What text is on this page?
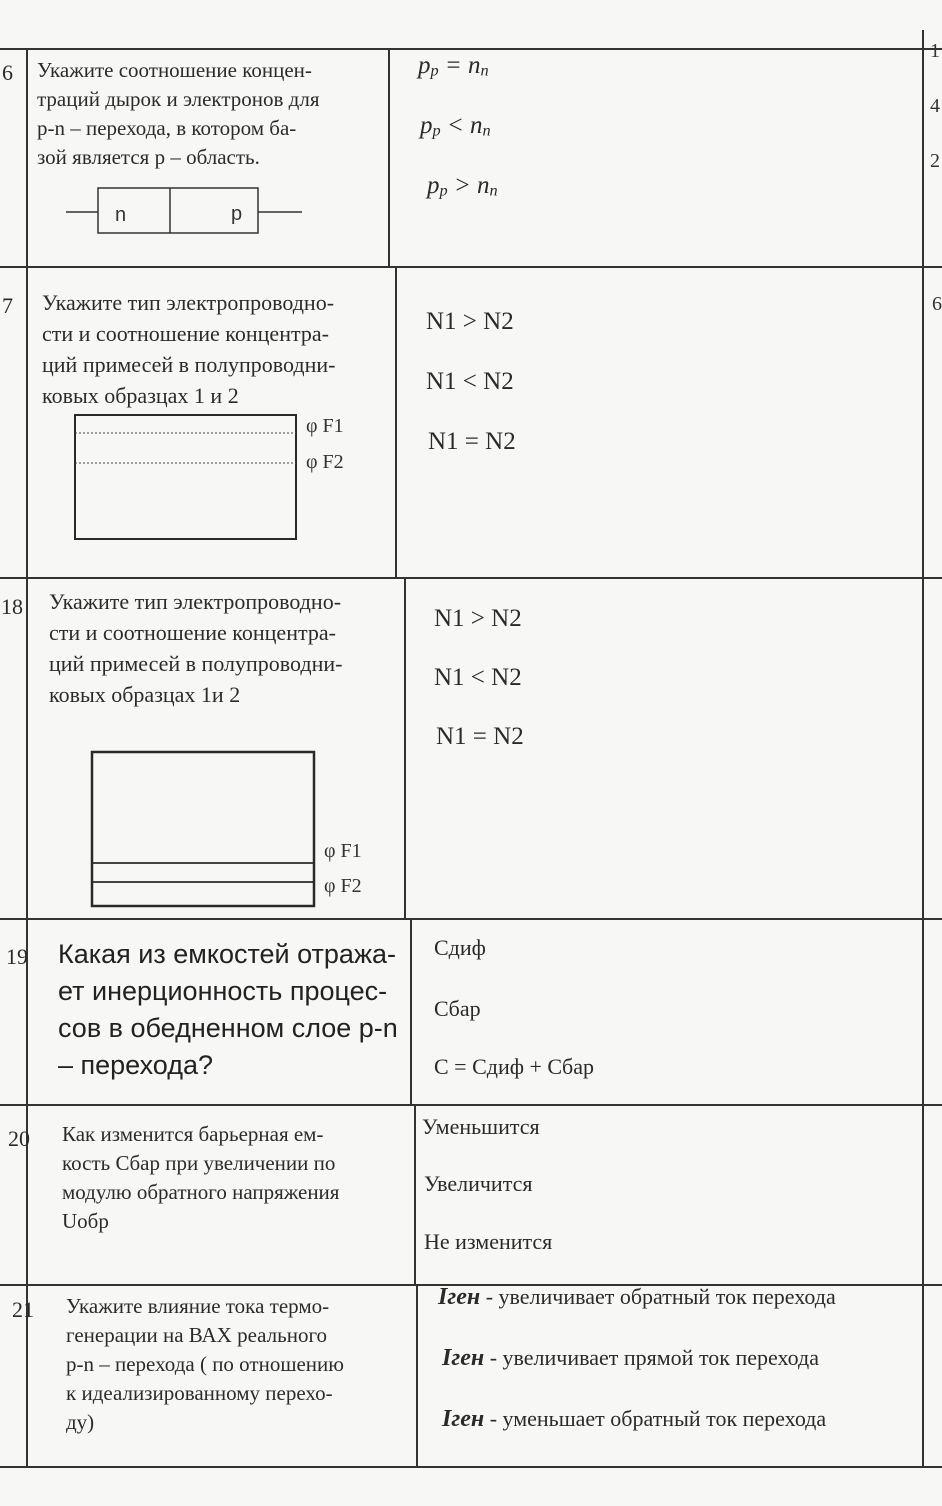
1
4
2
6
6 Укажите соотношение концен-
траций дырок и электронов для
p-n – перехода, в котором ба-
зой является p – область.
n	p
$p_p = n_n$
$p_p < n_n$
$p_p > n_n$
7 Укажите тип электропроводно-
сти и соотношение концентра-
ций примесей в полупроводни-
ковых образцах 1 и 2
φ F1
φ F2
N1 > N2
N1 < N2
N1 = N2
18 Укажите тип электропроводно-
сти и соотношение концентра-
ций примесей в полупроводни-
ковых образцах 1и 2
φ F1
φ F2
N1 > N2
N1 < N2
N1 = N2
19 Какая из емкостей отража-
ет инерционность процес-
сов в обедненном слое p-n
– перехода?
Cдиф
Cбар
C = Cдиф + Cбар
20 Как изменится барьерная ем-
кость Cбар при увеличении по
модулю обратного напряжения
Uобр
Уменьшится
Увеличится
Не изменится
21 Укажите влияние тока термо-
генерации на ВАХ реального
p-n – перехода ( по отношению
к идеализированному перехо-
ду)
Iген - увеличивает обратный ток перехода
Iген - увеличивает прямой ток перехода
Iген - уменьшает обратный ток перехода
